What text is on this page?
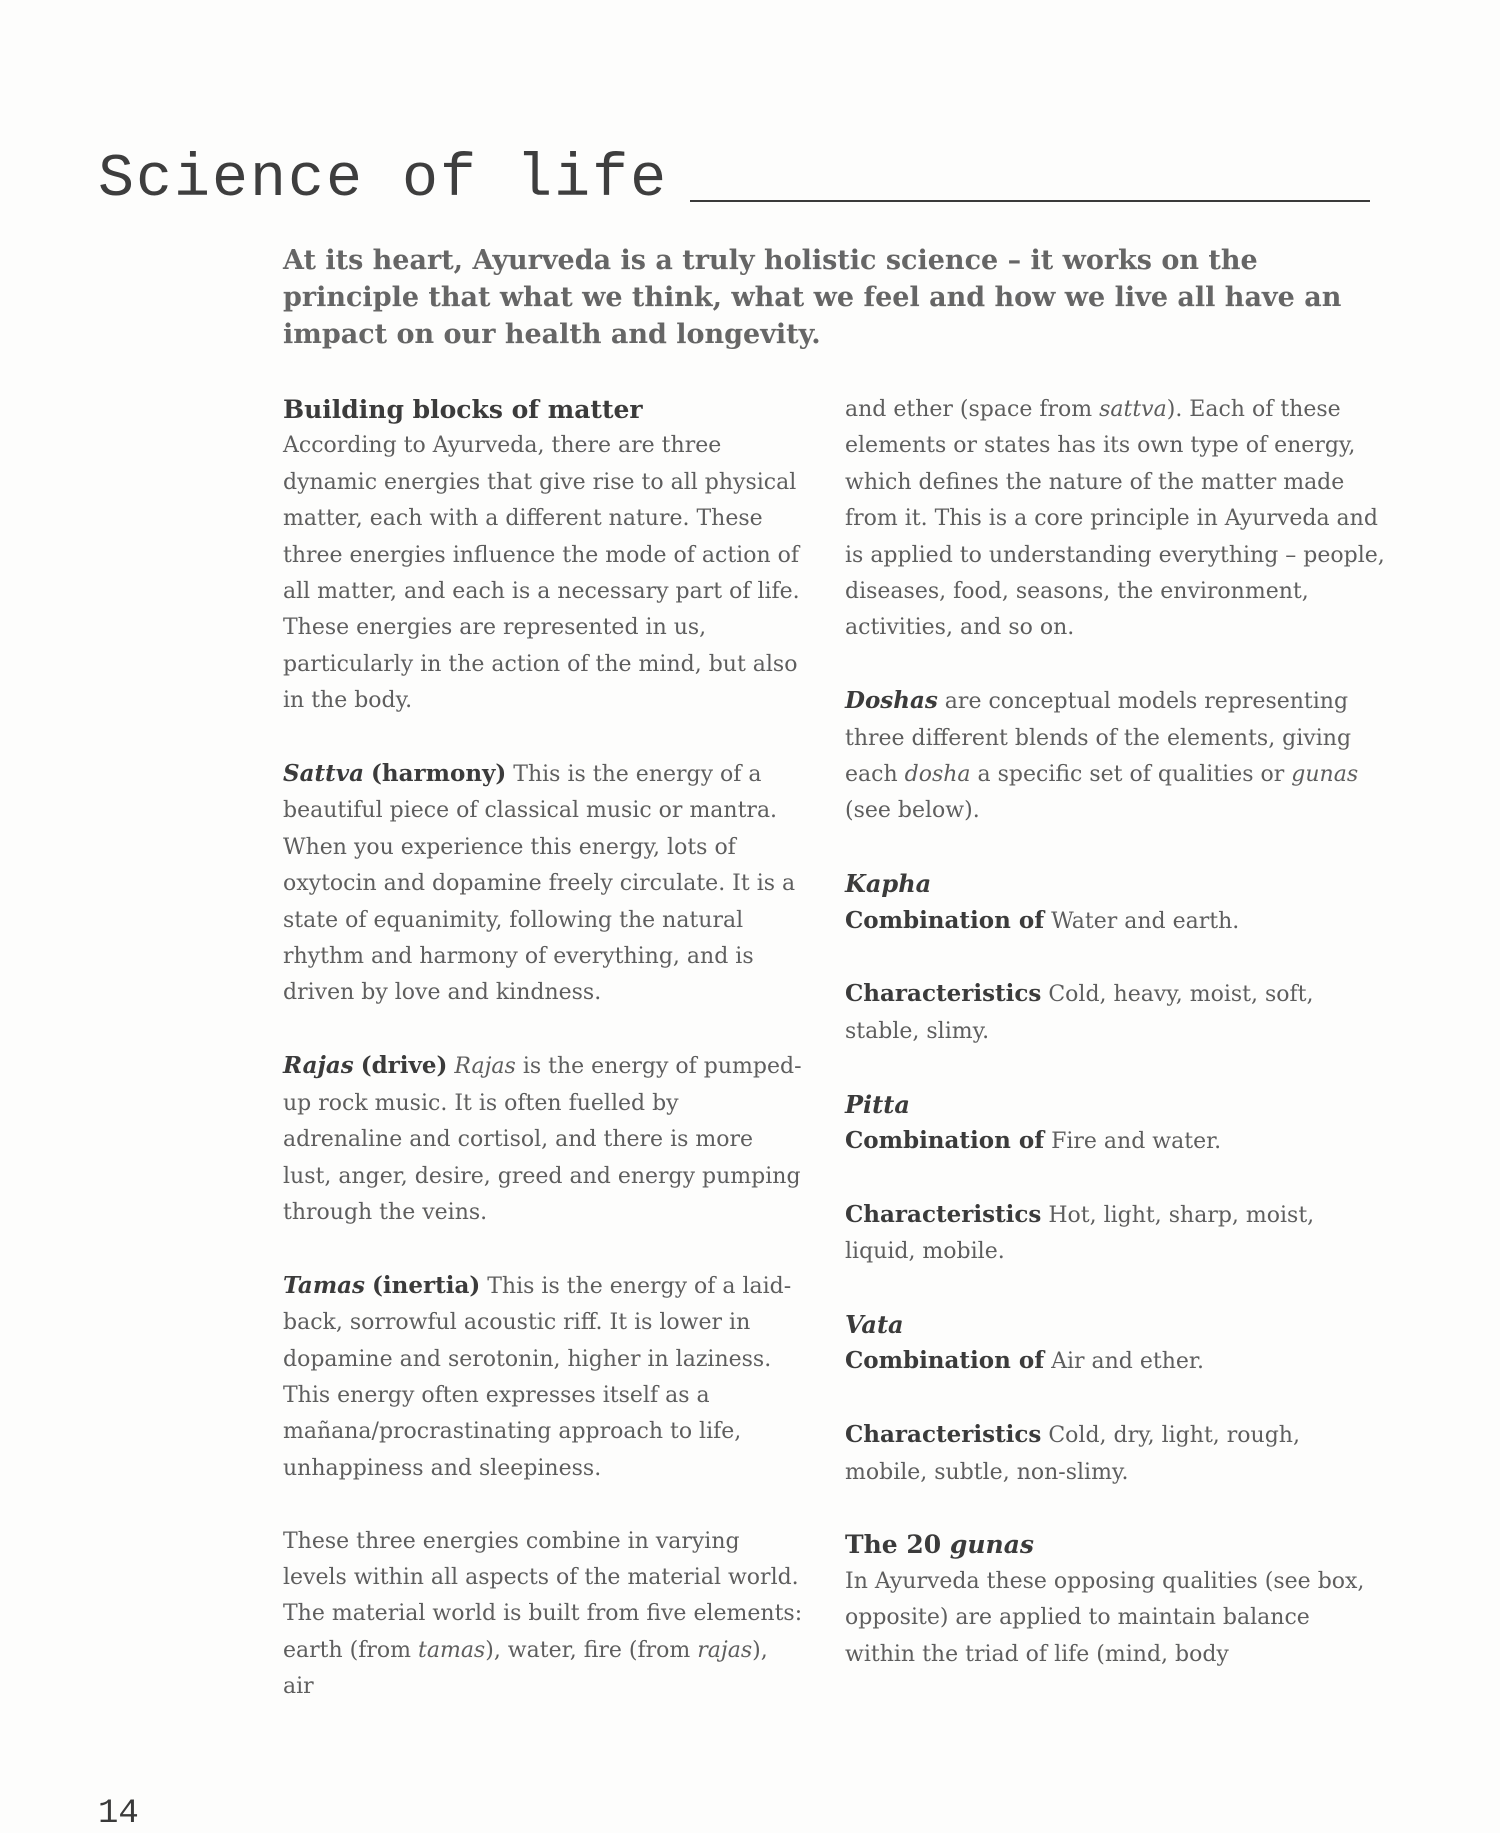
Science of life

At its heart, Ayurveda is a truly holistic science – it works on the principle that what we think, what we feel and how we live all have an impact on our health and longevity.

Building blocks of matter

According to Ayurveda, there are three dynamic energies that give rise to all physical matter, each with a different nature. These three energies influence the mode of action of all matter, and each is a necessary part of life. These energies are represented in us, particularly in the action of the mind, but also in the body.

Sattva (harmony) This is the energy of a beautiful piece of classical music or mantra. When you experience this energy, lots of oxytocin and dopamine freely circulate. It is a state of equanimity, following the natural rhythm and harmony of everything, and is driven by love and kindness.

Rajas (drive) Rajas is the energy of pumped-up rock music. It is often fuelled by adrenaline and cortisol, and there is more lust, anger, desire, greed and energy pumping through the veins.

Tamas (inertia) This is the energy of a laid-back, sorrowful acoustic riff. It is lower in dopamine and serotonin, higher in laziness. This energy often expresses itself as a mañana/procrastinating approach to life, unhappiness and sleepiness.

These three energies combine in varying levels within all aspects of the material world. The material world is built from five elements: earth (from tamas), water, fire (from rajas), air

and ether (space from sattva). Each of these elements or states has its own type of energy, which defines the nature of the matter made from it. This is a core principle in Ayurveda and is applied to understanding everything – people, diseases, food, seasons, the environment, activities, and so on.

Doshas are conceptual models representing three different blends of the elements, giving each dosha a specific set of qualities or gunas (see below).

Kapha
Combination of Water and earth.

Characteristics Cold, heavy, moist, soft, stable, slimy.

Pitta
Combination of Fire and water.

Characteristics Hot, light, sharp, moist, liquid, mobile.

Vata
Combination of Air and ether.

Characteristics Cold, dry, light, rough, mobile, subtle, non-slimy.

The 20 gunas

In Ayurveda these opposing qualities (see box, opposite) are applied to maintain balance within the triad of life (mind, body

14
